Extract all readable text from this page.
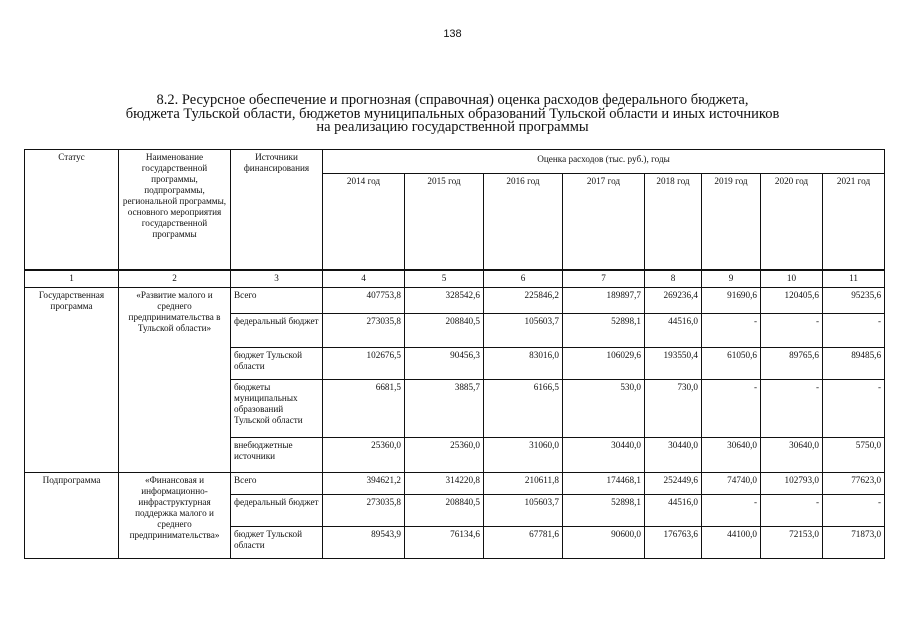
138
8.2. Ресурсное обеспечение и прогнозная (справочная) оценка расходов федерального бюджета,
бюджета Тульской области, бюджетов муниципальных образований Тульской области и иных источников
на реализацию государственной программы
Статус	Наименование государственной программы, подпрограммы, региональной программы, основного мероприятия государственной программы	Источники финансирования	Оценка расходов (тыс. руб.), годы							
			2014 год	2015 год	2016 год	2017 год	2018 год	2019 год	2020 год	2021 год
1	2	3	4	5	6	7	8	9	10	11
Государственная программа	«Развитие малого и среднего предпринимательства в Тульской области»	Всего	407753,8	328542,6	225846,2	189897,7	269236,4	91690,6	120405,6	95235,6
		федеральный бюджет	273035,8	208840,5	105603,7	52898,1	44516,0	-	-	-
		бюджет Тульской области	102676,5	90456,3	83016,0	106029,6	193550,4	61050,6	89765,6	89485,6
		бюджеты муниципальных образований Тульской области	6681,5	3885,7	6166,5	530,0	730,0	-	-	-
		внебюджетные источники	25360,0	25360,0	31060,0	30440,0	30440,0	30640,0	30640,0	5750,0
Подпрограмма	«Финансовая и информационно-инфраструктурная поддержка малого и среднего предпринимательства»	Всего	394621,2	314220,8	210611,8	174468,1	252449,6	74740,0	102793,0	77623,0
		федеральный бюджет	273035,8	208840,5	105603,7	52898,1	44516,0	-	-	-
		бюджет Тульской области	89543,9	76134,6	67781,6	90600,0	176763,6	44100,0	72153,0	71873,0
